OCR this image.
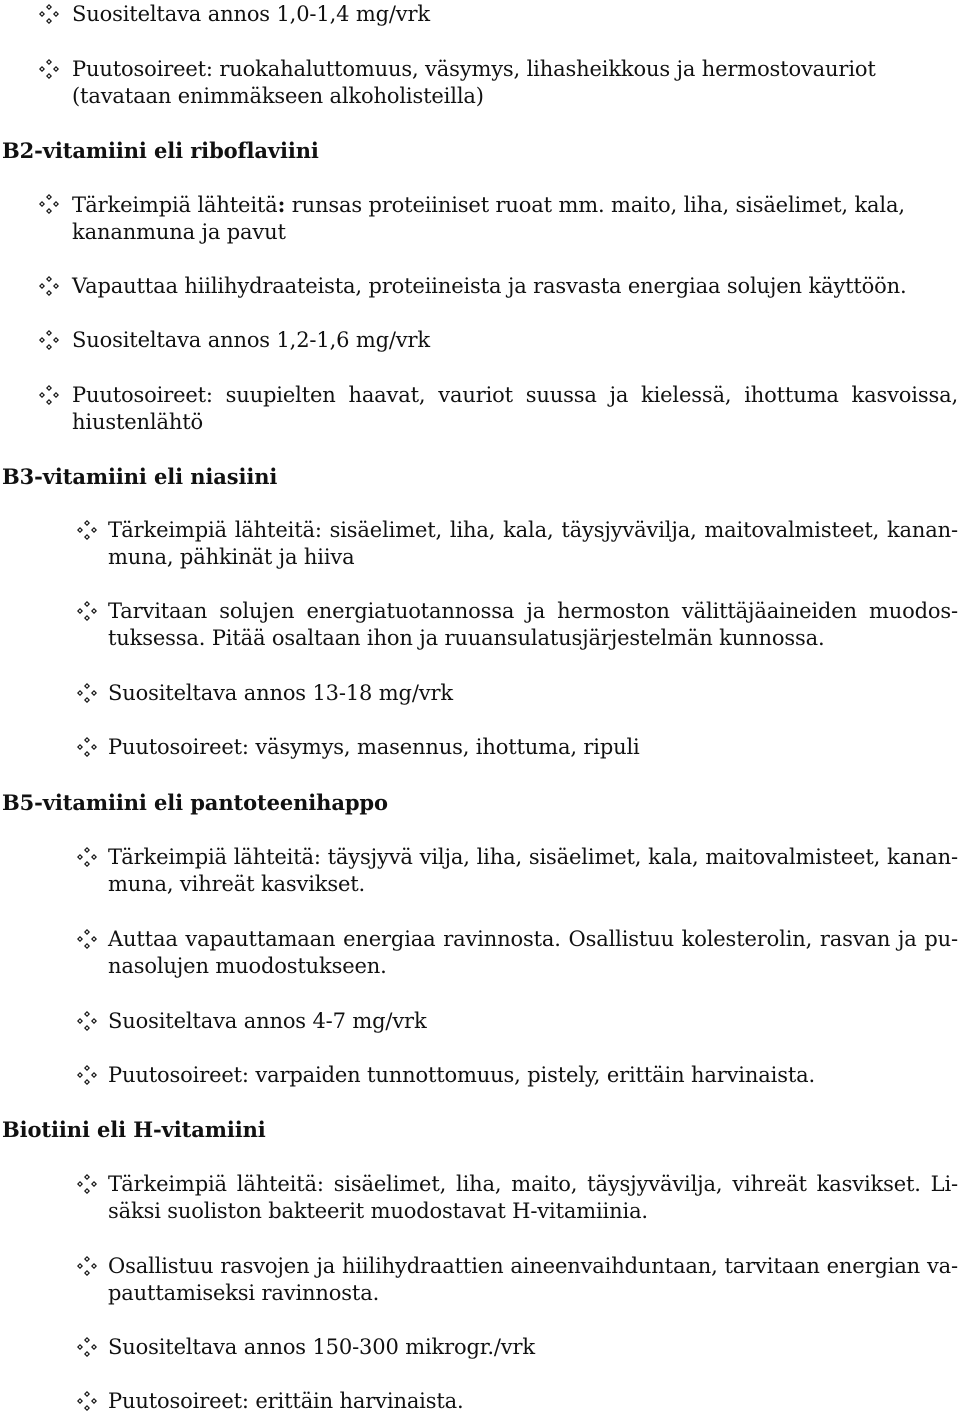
Suositeltava annos 1,0-1,4 mg/vrk
Puutosoireet: ruokahaluttomuus, väsymys, lihasheikkous ja hermostovauriot (tavataan enimmäkseen alkoholisteilla)
B2-vitamiini eli riboflaviini
Tärkeimpiä lähteitä: runsas proteiiniset ruoat mm. maito, liha, sisäelimet, kala, kananmuna ja pavut
Vapauttaa hiilihydraateista, proteiineista ja rasvasta energiaa solujen käyttöön.
Suositeltava annos 1,2-1,6 mg/vrk
Puutosoireet: suupielten haavat, vauriot suussa ja kielessä, ihottuma kasvoissa, hiustenlähtö
B3-vitamiini eli niasiini
Tärkeimpiä lähteitä: sisäelimet, liha, kala, täysjyvävilja, maitovalmisteet, kanan-muna, pähkinät ja hiiva
Tarvitaan solujen energiatuotannossa ja hermoston välittäjäaineiden muodos-tuksessa. Pitää osaltaan ihon ja ruuansulatusjärjestelmän kunnossa.
Suositeltava annos 13-18 mg/vrk
Puutosoireet: väsymys, masennus, ihottuma, ripuli
B5-vitamiini eli pantoteenihappo
Tärkeimpiä lähteitä: täysjyvä vilja, liha, sisäelimet, kala, maitovalmisteet, kanan-muna, vihreät kasvikset.
Auttaa vapauttamaan energiaa ravinnosta. Osallistuu kolesterolin, rasvan ja pu-nasolujen muodostukseen.
Suositeltava annos 4-7 mg/vrk
Puutosoireet: varpaiden tunnottomuus, pistely, erittäin harvinaista.
Biotiini eli H-vitamiini
Tärkeimpiä lähteitä: sisäelimet, liha, maito, täysjyvävilja, vihreät kasvikset. Li-säksi suoliston bakteerit muodostavat H-vitamiinia.
Osallistuu rasvojen ja hiilihydraattien aineenvaihduntaan, tarvitaan energian va-pauttamiseksi ravinnosta.
Suositeltava annos 150-300 mikrogr./vrk
Puutosoireet: erittäin harvinaista.
